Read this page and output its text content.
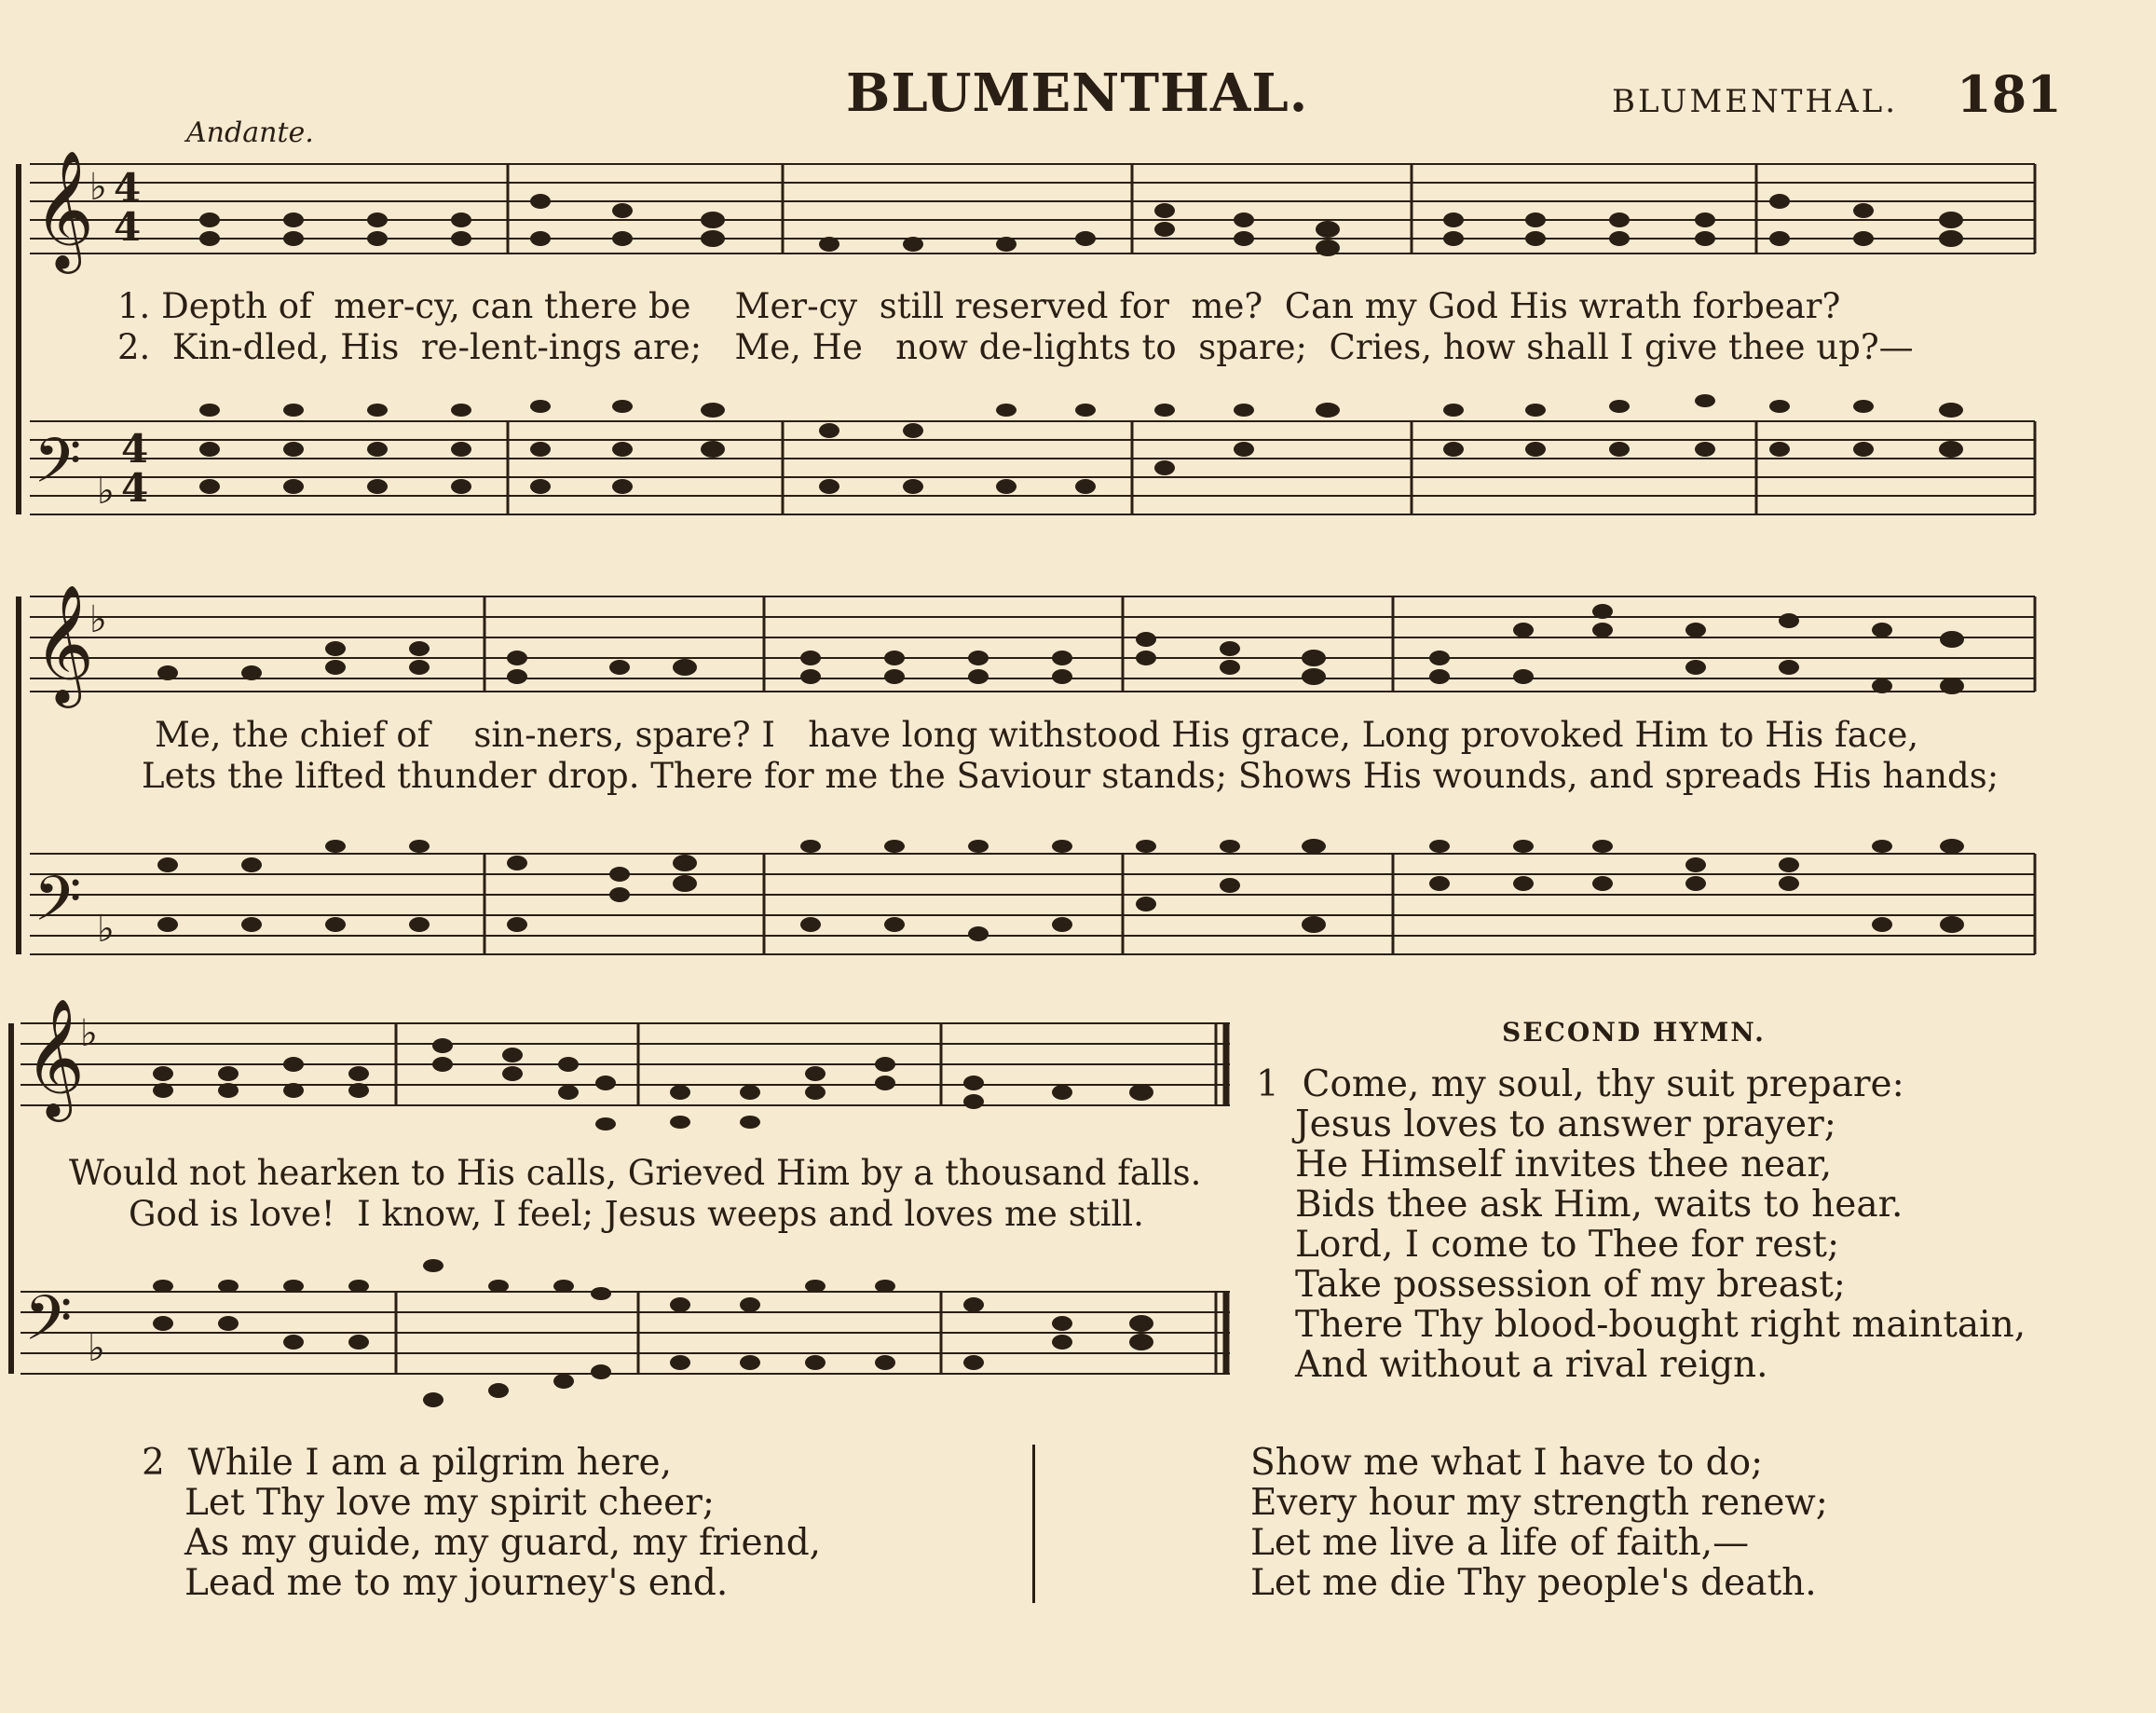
BLUMENTHAL.	BLUMENTHAL. 181
Andante.
𝄞
𝄢
𝄞
𝄢
𝄞
𝄢
4
4
4
4
♭
♭
♭
♭
♭
♭
1. Depth of  mer-cy, can there be    Mer-cy  still reserved for  me?  Can my God His wrath forbear?
2.  Kin-dled, His  re-lent-ings are;   Me, He   now de-lights to  spare;  Cries, how shall I give thee up?—
Me, the chief of    sin-ners, spare? I   have long withstood His grace, Long provoked Him to His face,
Lets the lifted thunder drop. There for me the Saviour stands; Shows His wounds, and spreads His hands;
Would not hearken to His calls, Grieved Him by a thousand falls.
God is love!  I know, I feel; Jesus weeps and loves me still.
SECOND HYMN.
1  Come, my soul, thy suit prepare:
Jesus loves to answer prayer;
He Himself invites thee near,
Bids thee ask Him, waits to hear.
Lord, I come to Thee for rest;
Take possession of my breast;
There Thy blood-bought right maintain,
And without a rival reign.
2  While I am a pilgrim here,
Let Thy love my spirit cheer;
As my guide, my guard, my friend,
Lead me to my journey's end.
Show me what I have to do;
Every hour my strength renew;
Let me live a life of faith,—
Let me die Thy people's death.
